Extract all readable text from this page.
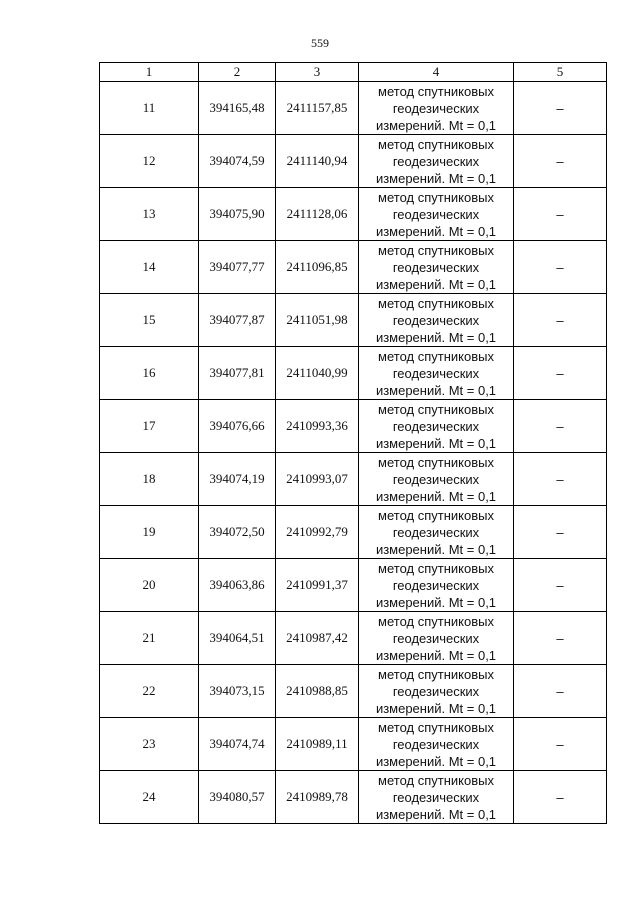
559
1	2	3	4	5
11	394165,48	2411157,85	метод спутниковых
геодезических
измерений. Mt = 0,1	–
12	394074,59	2411140,94	метод спутниковых
геодезических
измерений. Mt = 0,1	–
13	394075,90	2411128,06	метод спутниковых
геодезических
измерений. Mt = 0,1	–
14	394077,77	2411096,85	метод спутниковых
геодезических
измерений. Mt = 0,1	–
15	394077,87	2411051,98	метод спутниковых
геодезических
измерений. Mt = 0,1	–
16	394077,81	2411040,99	метод спутниковых
геодезических
измерений. Mt = 0,1	–
17	394076,66	2410993,36	метод спутниковых
геодезических
измерений. Mt = 0,1	–
18	394074,19	2410993,07	метод спутниковых
геодезических
измерений. Mt = 0,1	–
19	394072,50	2410992,79	метод спутниковых
геодезических
измерений. Mt = 0,1	–
20	394063,86	2410991,37	метод спутниковых
геодезических
измерений. Mt = 0,1	–
21	394064,51	2410987,42	метод спутниковых
геодезических
измерений. Mt = 0,1	–
22	394073,15	2410988,85	метод спутниковых
геодезических
измерений. Mt = 0,1	–
23	394074,74	2410989,11	метод спутниковых
геодезических
измерений. Mt = 0,1	–
24	394080,57	2410989,78	метод спутниковых
геодезических
измерений. Mt = 0,1	–
